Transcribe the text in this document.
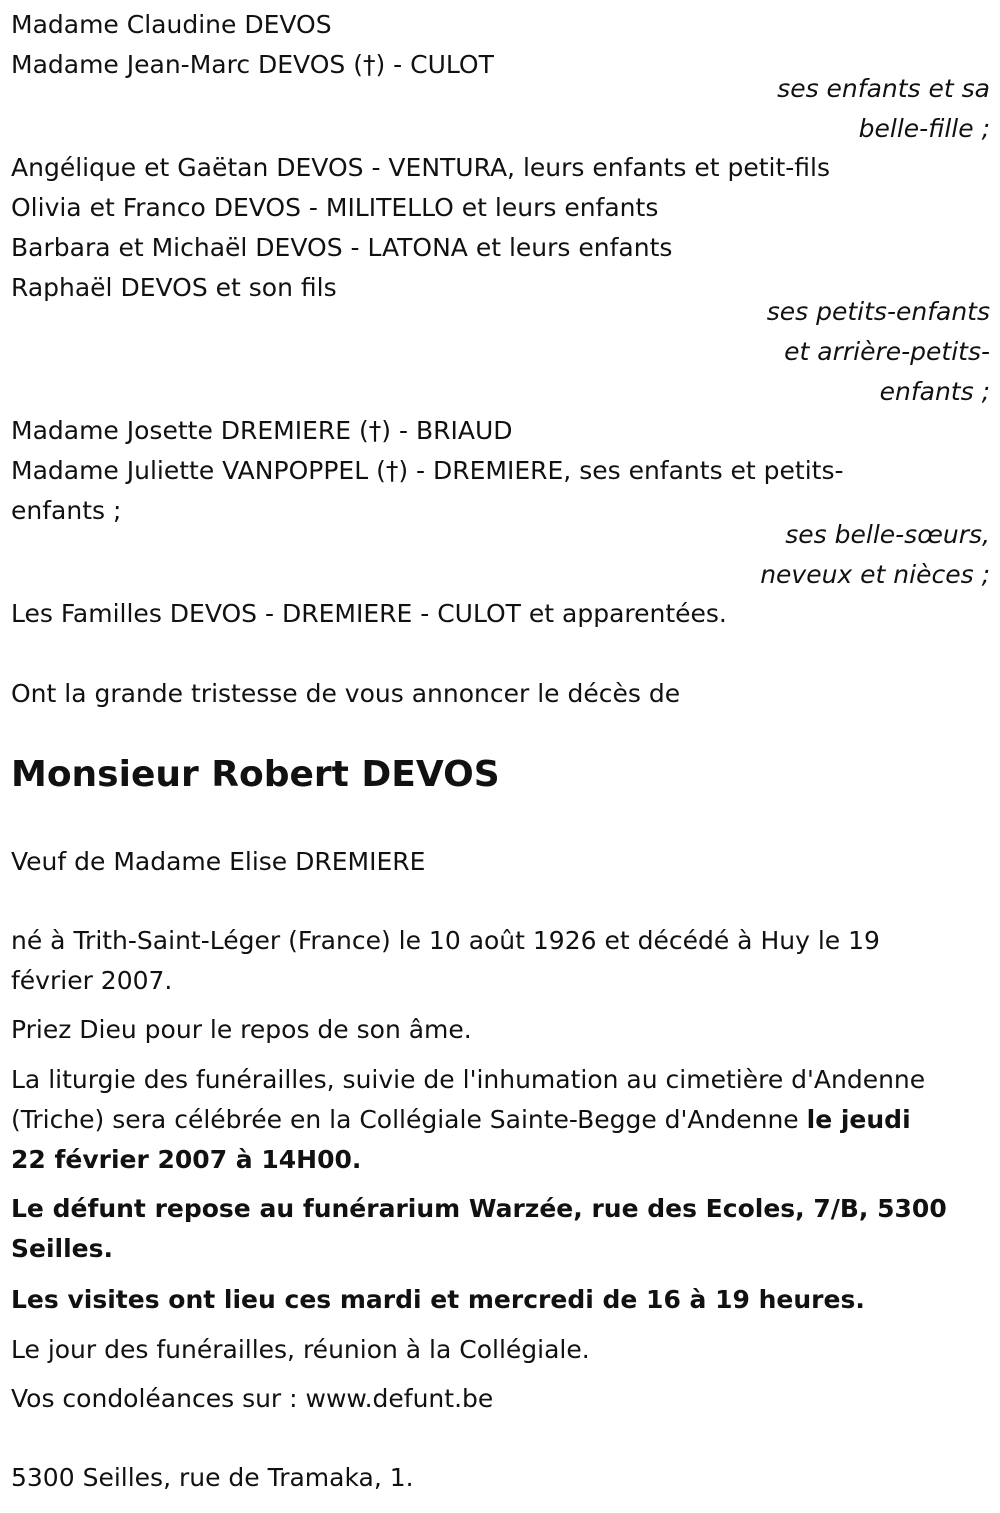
Madame Claudine DEVOS

Madame Jean-Marc DEVOS (†) - CULOT

ses enfants et sa

belle-fille ;

Angélique et Gaëtan DEVOS - VENTURA, leurs enfants et petit-fils

Olivia et Franco DEVOS - MILITELLO et leurs enfants

Barbara et Michaël DEVOS - LATONA et leurs enfants

Raphaël DEVOS et son fils

ses petits-enfants

et arrière-petits-

enfants ;

Madame Josette DREMIERE (†) - BRIAUD

Madame Juliette VANPOPPEL (†) - DREMIERE, ses enfants et petits-

enfants ;

ses belle-sœurs,

neveux et nièces ;

Les Familles DEVOS - DREMIERE - CULOT et apparentées.

Ont la grande tristesse de vous annoncer le décès de

Monsieur Robert DEVOS

Veuf de Madame Elise DREMIERE

né à Trith-Saint-Léger (France) le 10 août 1926 et décédé à Huy le 19

février 2007.

Priez Dieu pour le repos de son âme.

La liturgie des funérailles, suivie de l'inhumation au cimetière d'Andenne

(Triche) sera célébrée en la Collégiale Sainte-Begge d'Andenne le jeudi

22 février 2007 à 14H00.

Le défunt repose au funérarium Warzée, rue des Ecoles, 7/B, 5300

Seilles.

Les visites ont lieu ces mardi et mercredi de 16 à 19 heures.

Le jour des funérailles, réunion à la Collégiale.

Vos condoléances sur : www.defunt.be

5300 Seilles, rue de Tramaka, 1.
